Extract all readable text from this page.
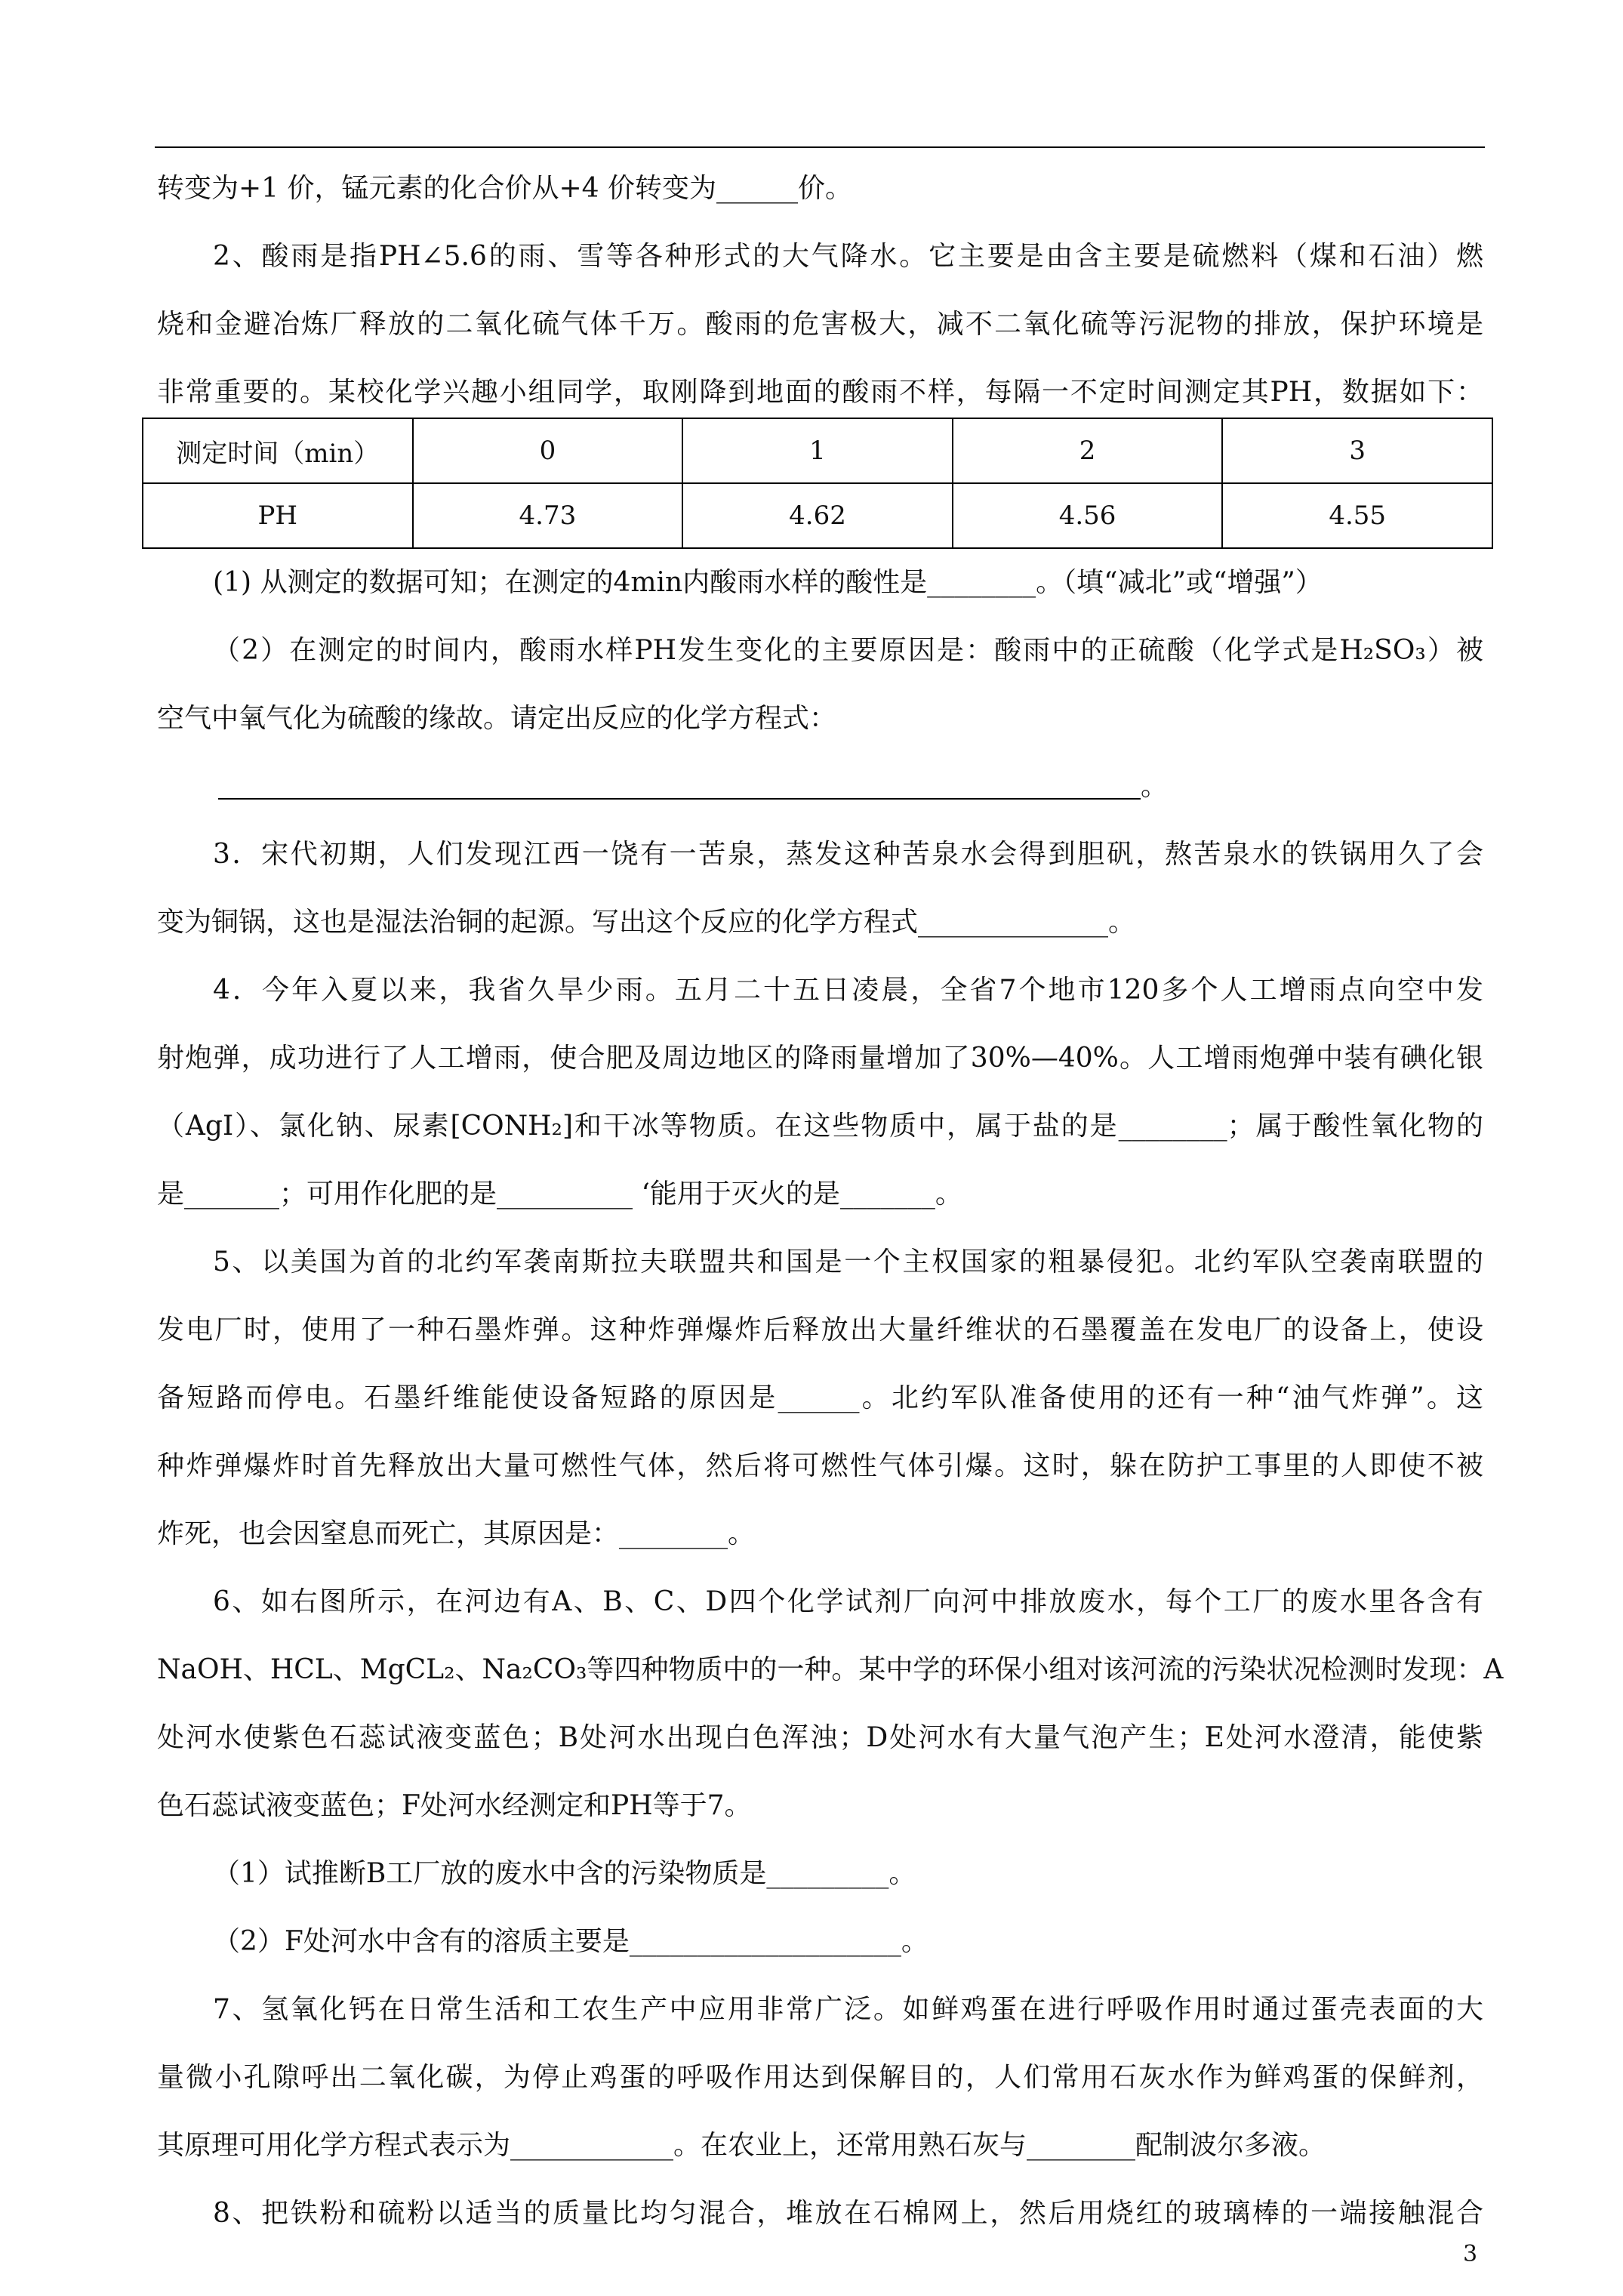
转变为+1 价，锰元素的化合价从+4 价转变为______价。
2、酸雨是指PH∠5.6的雨、雪等各种形式的大气降水。它主要是由含主要是硫燃料（煤和石油）燃
烧和金避冶炼厂释放的二氧化硫气体千万。酸雨的危害极大，减不二氧化硫等污泥物的排放，保护环境是
非常重要的。某校化学兴趣小组同学，取刚降到地面的酸雨不样，每隔一不定时间测定其PH，数据如下：
测定时间（min）	0	1	2	3
PH	4.73	4.62	4.56	4.55
(1) 从测定的数据可知；在测定的4min内酸雨水样的酸性是________。（填“减北”或“增强”）
（2）在测定的时间内，酸雨水样PH发生变化的主要原因是：酸雨中的正硫酸（化学式是H₂SO₃）被
空气中氧气化为硫酸的缘故。请定出反应的化学方程式：
。
3．宋代初期，人们发现江西一饶有一苦泉，蒸发这种苦泉水会得到胆矾，熬苦泉水的铁锅用久了会
变为铜锅，这也是湿法治铜的起源。写出这个反应的化学方程式______________。
4．今年入夏以来，我省久旱少雨。五月二十五日凌晨，全省7个地市120多个人工增雨点向空中发
射炮弹，成功进行了人工增雨，使合肥及周边地区的降雨量增加了30%—40%。人工增雨炮弹中装有碘化银
（AgI）、氯化钠、尿素[CONH₂]和干冰等物质。在这些物质中，属于盐的是________；属于酸性氧化物的
是_______；可用作化肥的是__________ ‘能用于灭火的是_______。
5、以美国为首的北约军袭南斯拉夫联盟共和国是一个主权国家的粗暴侵犯。北约军队空袭南联盟的
发电厂时，使用了一种石墨炸弹。这种炸弹爆炸后释放出大量纤维状的石墨覆盖在发电厂的设备上，使设
备短路而停电。石墨纤维能使设备短路的原因是______。北约军队准备使用的还有一种“油气炸弹”。这
种炸弹爆炸时首先释放出大量可燃性气体，然后将可燃性气体引爆。这时，躲在防护工事里的人即使不被
炸死，也会因窒息而死亡，其原因是：________。
6、如右图所示，在河边有A、B、C、D四个化学试剂厂向河中排放废水，每个工厂的废水里各含有
NaOH、HCL、MgCL₂、Na₂CO₃等四种物质中的一种。某中学的环保小组对该河流的污染状况检测时发现：A
处河水使紫色石蕊试液变蓝色；B处河水出现白色浑浊；D处河水有大量气泡产生；E处河水澄清，能使紫
色石蕊试液变蓝色；F处河水经测定和PH等于7。
（1）试推断B工厂放的废水中含的污染物质是_________。
（2）F处河水中含有的溶质主要是____________________。
7、氢氧化钙在日常生活和工农生产中应用非常广泛。如鲜鸡蛋在进行呼吸作用时通过蛋壳表面的大
量微小孔隙呼出二氧化碳，为停止鸡蛋的呼吸作用达到保解目的，人们常用石灰水作为鲜鸡蛋的保鲜剂，
其原理可用化学方程式表示为____________。在农业上，还常用熟石灰与________配制波尔多液。
8、把铁粉和硫粉以适当的质量比均匀混合，堆放在石棉网上，然后用烧红的玻璃棒的一端接触混合
3
